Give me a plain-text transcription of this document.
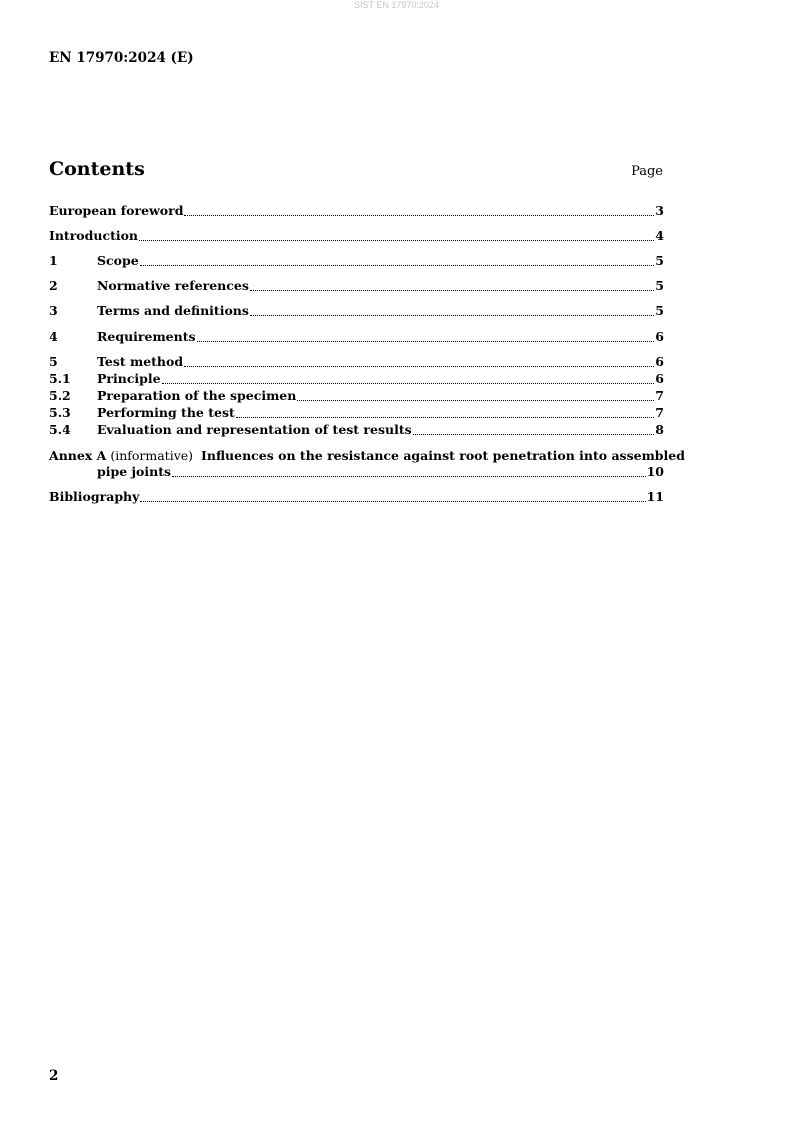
SIST EN 17970:2024
EN 17970:2024 (E)
Contents	Page
European foreword	3
Introduction	4
1	Scope	5
2	Normative references	5
3	Terms and definitions	5
4	Requirements	6
5	Test method	6
5.1	Principle	6
5.2	Preparation of the specimen	7
5.3	Performing the test	7
5.4	Evaluation and representation of test results	8
Annex A (informative) Influences on the resistance against root penetration into assembled
pipe joints	10
Bibliography	11
2
